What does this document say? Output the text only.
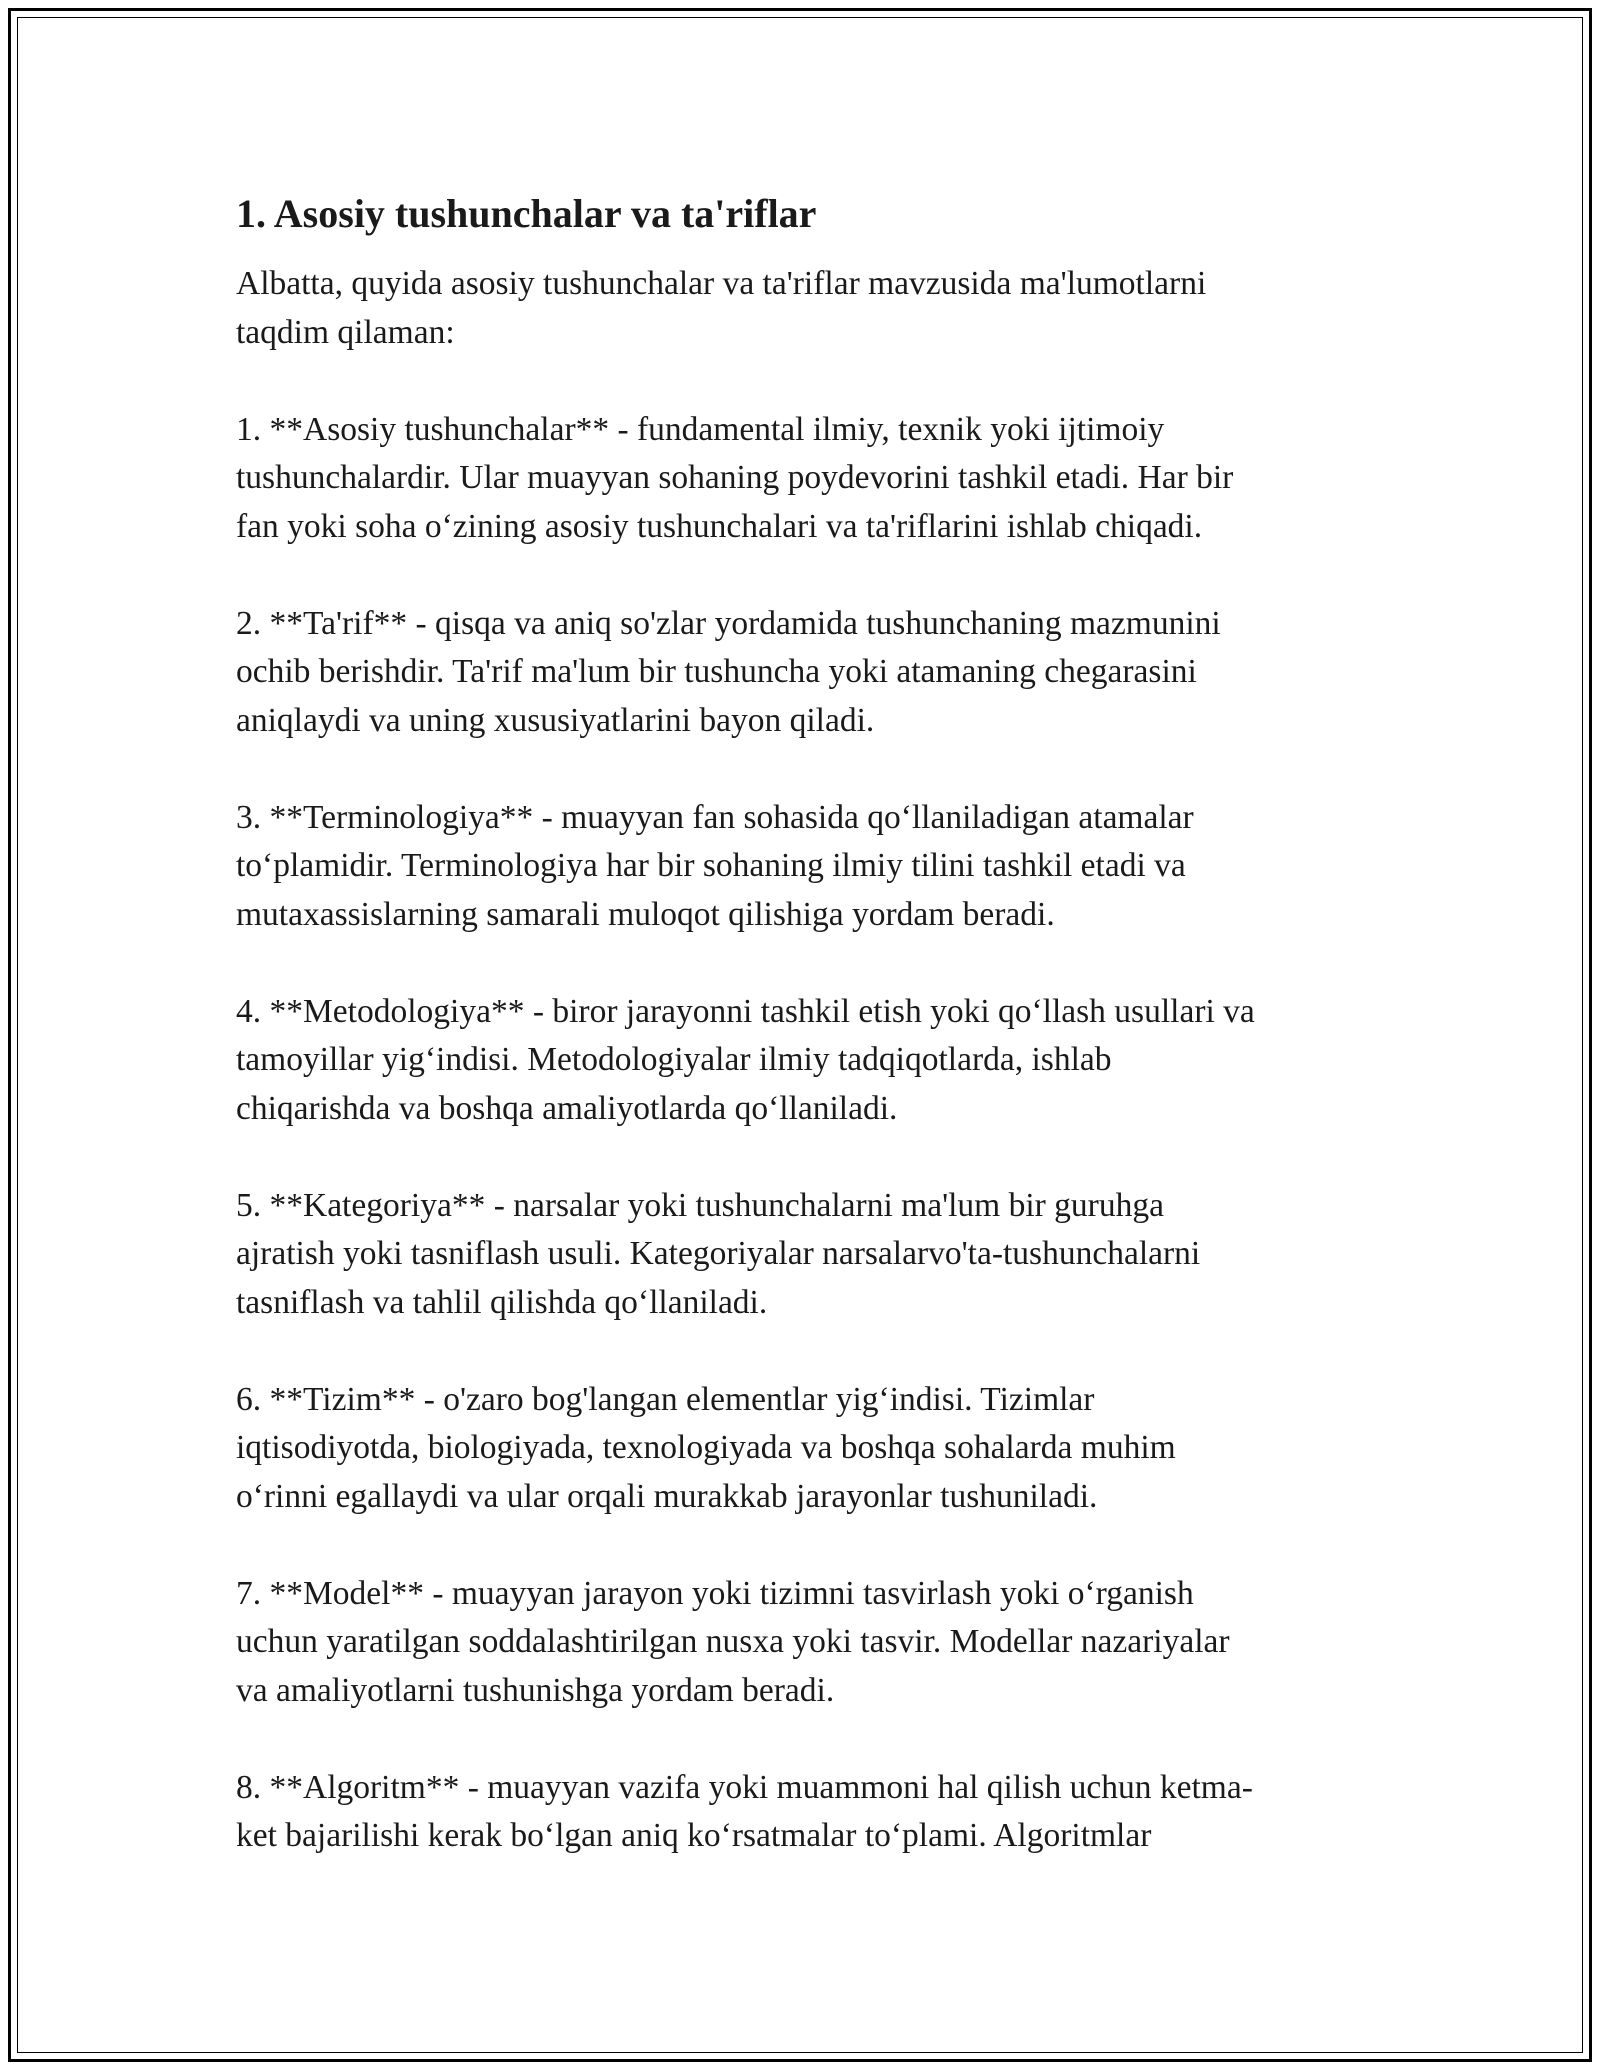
1. Asosiy tushunchalar va ta'riflar

Albatta, quyida asosiy tushunchalar va ta'riflar mavzusida ma'lumotlarni
taqdim qilaman:

1. **Asosiy tushunchalar** - fundamental ilmiy, texnik yoki ijtimoiy
tushunchalardir. Ular muayyan sohaning poydevorini tashkil etadi. Har bir
fan yoki soha o‘zining asosiy tushunchalari va ta'riflarini ishlab chiqadi.

2. **Ta'rif** - qisqa va aniq so'zlar yordamida tushunchaning mazmunini
ochib berishdir. Ta'rif ma'lum bir tushuncha yoki atamaning chegarasini
aniqlaydi va uning xususiyatlarini bayon qiladi.

3. **Terminologiya** - muayyan fan sohasida qo‘llaniladigan atamalar
to‘plamidir. Terminologiya har bir sohaning ilmiy tilini tashkil etadi va
mutaxassislarning samarali muloqot qilishiga yordam beradi.

4. **Metodologiya** - biror jarayonni tashkil etish yoki qo‘llash usullari va
tamoyillar yig‘indisi. Metodologiyalar ilmiy tadqiqotlarda, ishlab
chiqarishda va boshqa amaliyotlarda qo‘llaniladi.

5. **Kategoriya** - narsalar yoki tushunchalarni ma'lum bir guruhga
ajratish yoki tasniflash usuli. Kategoriyalar narsalarvo'ta-tushunchalarni
tasniflash va tahlil qilishda qo‘llaniladi.

6. **Tizim** - o'zaro bog'langan elementlar yig‘indisi. Tizimlar
iqtisodiyotda, biologiyada, texnologiyada va boshqa sohalarda muhim
o‘rinni egallaydi va ular orqali murakkab jarayonlar tushuniladi.

7. **Model** - muayyan jarayon yoki tizimni tasvirlash yoki o‘rganish
uchun yaratilgan soddalashtirilgan nusxa yoki tasvir. Modellar nazariyalar
va amaliyotlarni tushunishga yordam beradi.

8. **Algoritm** - muayyan vazifa yoki muammoni hal qilish uchun ketma-
ket bajarilishi kerak bo‘lgan aniq ko‘rsatmalar to‘plami. Algoritmlar
